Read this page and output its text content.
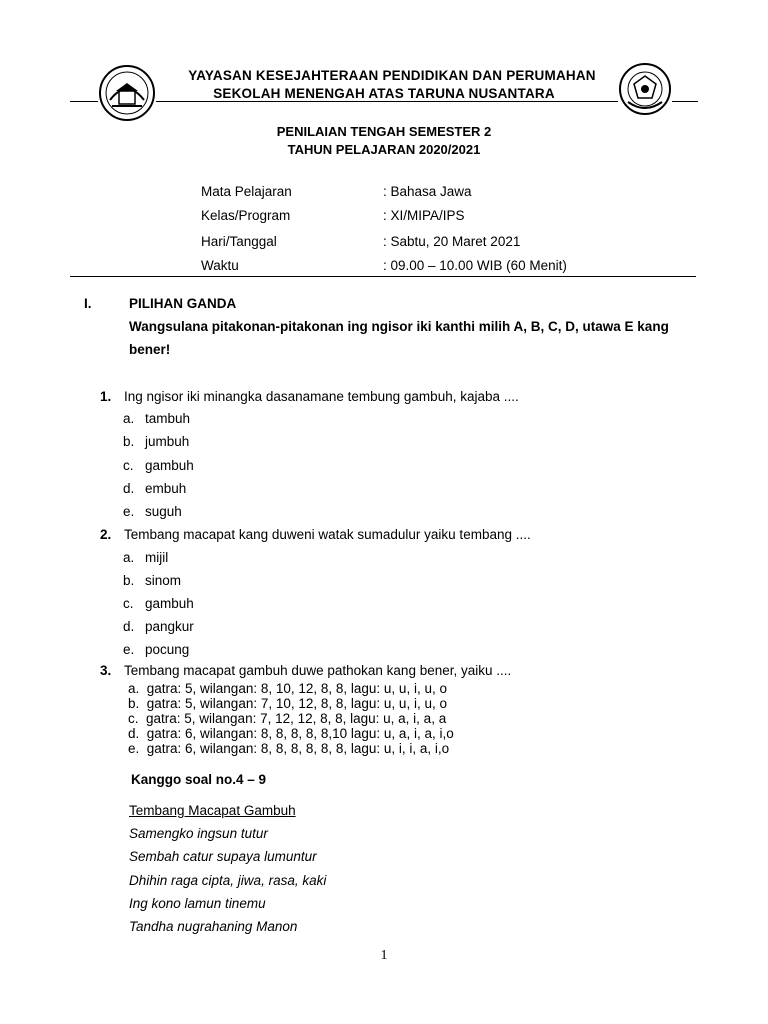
YAYASAN KESEJAHTERAAN PENDIDIKAN DAN PERUMAHAN
SEKOLAH MENENGAH ATAS TARUNA NUSANTARA
PENILAIAN TENGAH SEMESTER 2
TAHUN PELAJARAN 2020/2021
Mata Pelajaran	: Bahasa Jawa
Kelas/Program	: XI/MIPA/IPS
Hari/Tanggal	: Sabtu, 20 Maret 2021
Waktu	: 09.00 – 10.00 WIB (60 Menit)
I.	PILIHAN GANDA
Wangsulana pitakonan-pitakonan ing ngisor iki kanthi milih A, B, C, D, utawa E kang
bener!
1. Ing ngisor iki minangka dasanamane tembung gambuh, kajaba ....
a. tambuh
b. jumbuh
c. gambuh
d. embuh
e. suguh
2. Tembang macapat kang duweni watak sumadulur yaiku tembang ....
a. mijil
b. sinom
c. gambuh
d. pangkur
e. pocung
3. Tembang macapat gambuh duwe pathokan kang bener, yaiku ....
a.  gatra: 5, wilangan: 8, 10, 12, 8, 8, lagu: u, u, i, u, o
b.  gatra: 5, wilangan: 7, 10, 12, 8, 8, lagu: u, u, i, u, o
c.  gatra: 5, wilangan: 7, 12, 12, 8, 8, lagu: u, a, i, a, a
d.  gatra: 6, wilangan: 8, 8, 8, 8, 8,10 lagu: u, a, i, a, i,o
e.  gatra: 6, wilangan: 8, 8, 8, 8, 8, 8, lagu: u, i, i, a, i,o
Kanggo soal no.4 – 9
Tembang Macapat Gambuh
Samengko ingsun tutur
Sembah catur supaya lumuntur
Dhihin raga cipta, jiwa, rasa, kaki
Ing kono lamun tinemu
Tandha nugrahaning Manon
1
